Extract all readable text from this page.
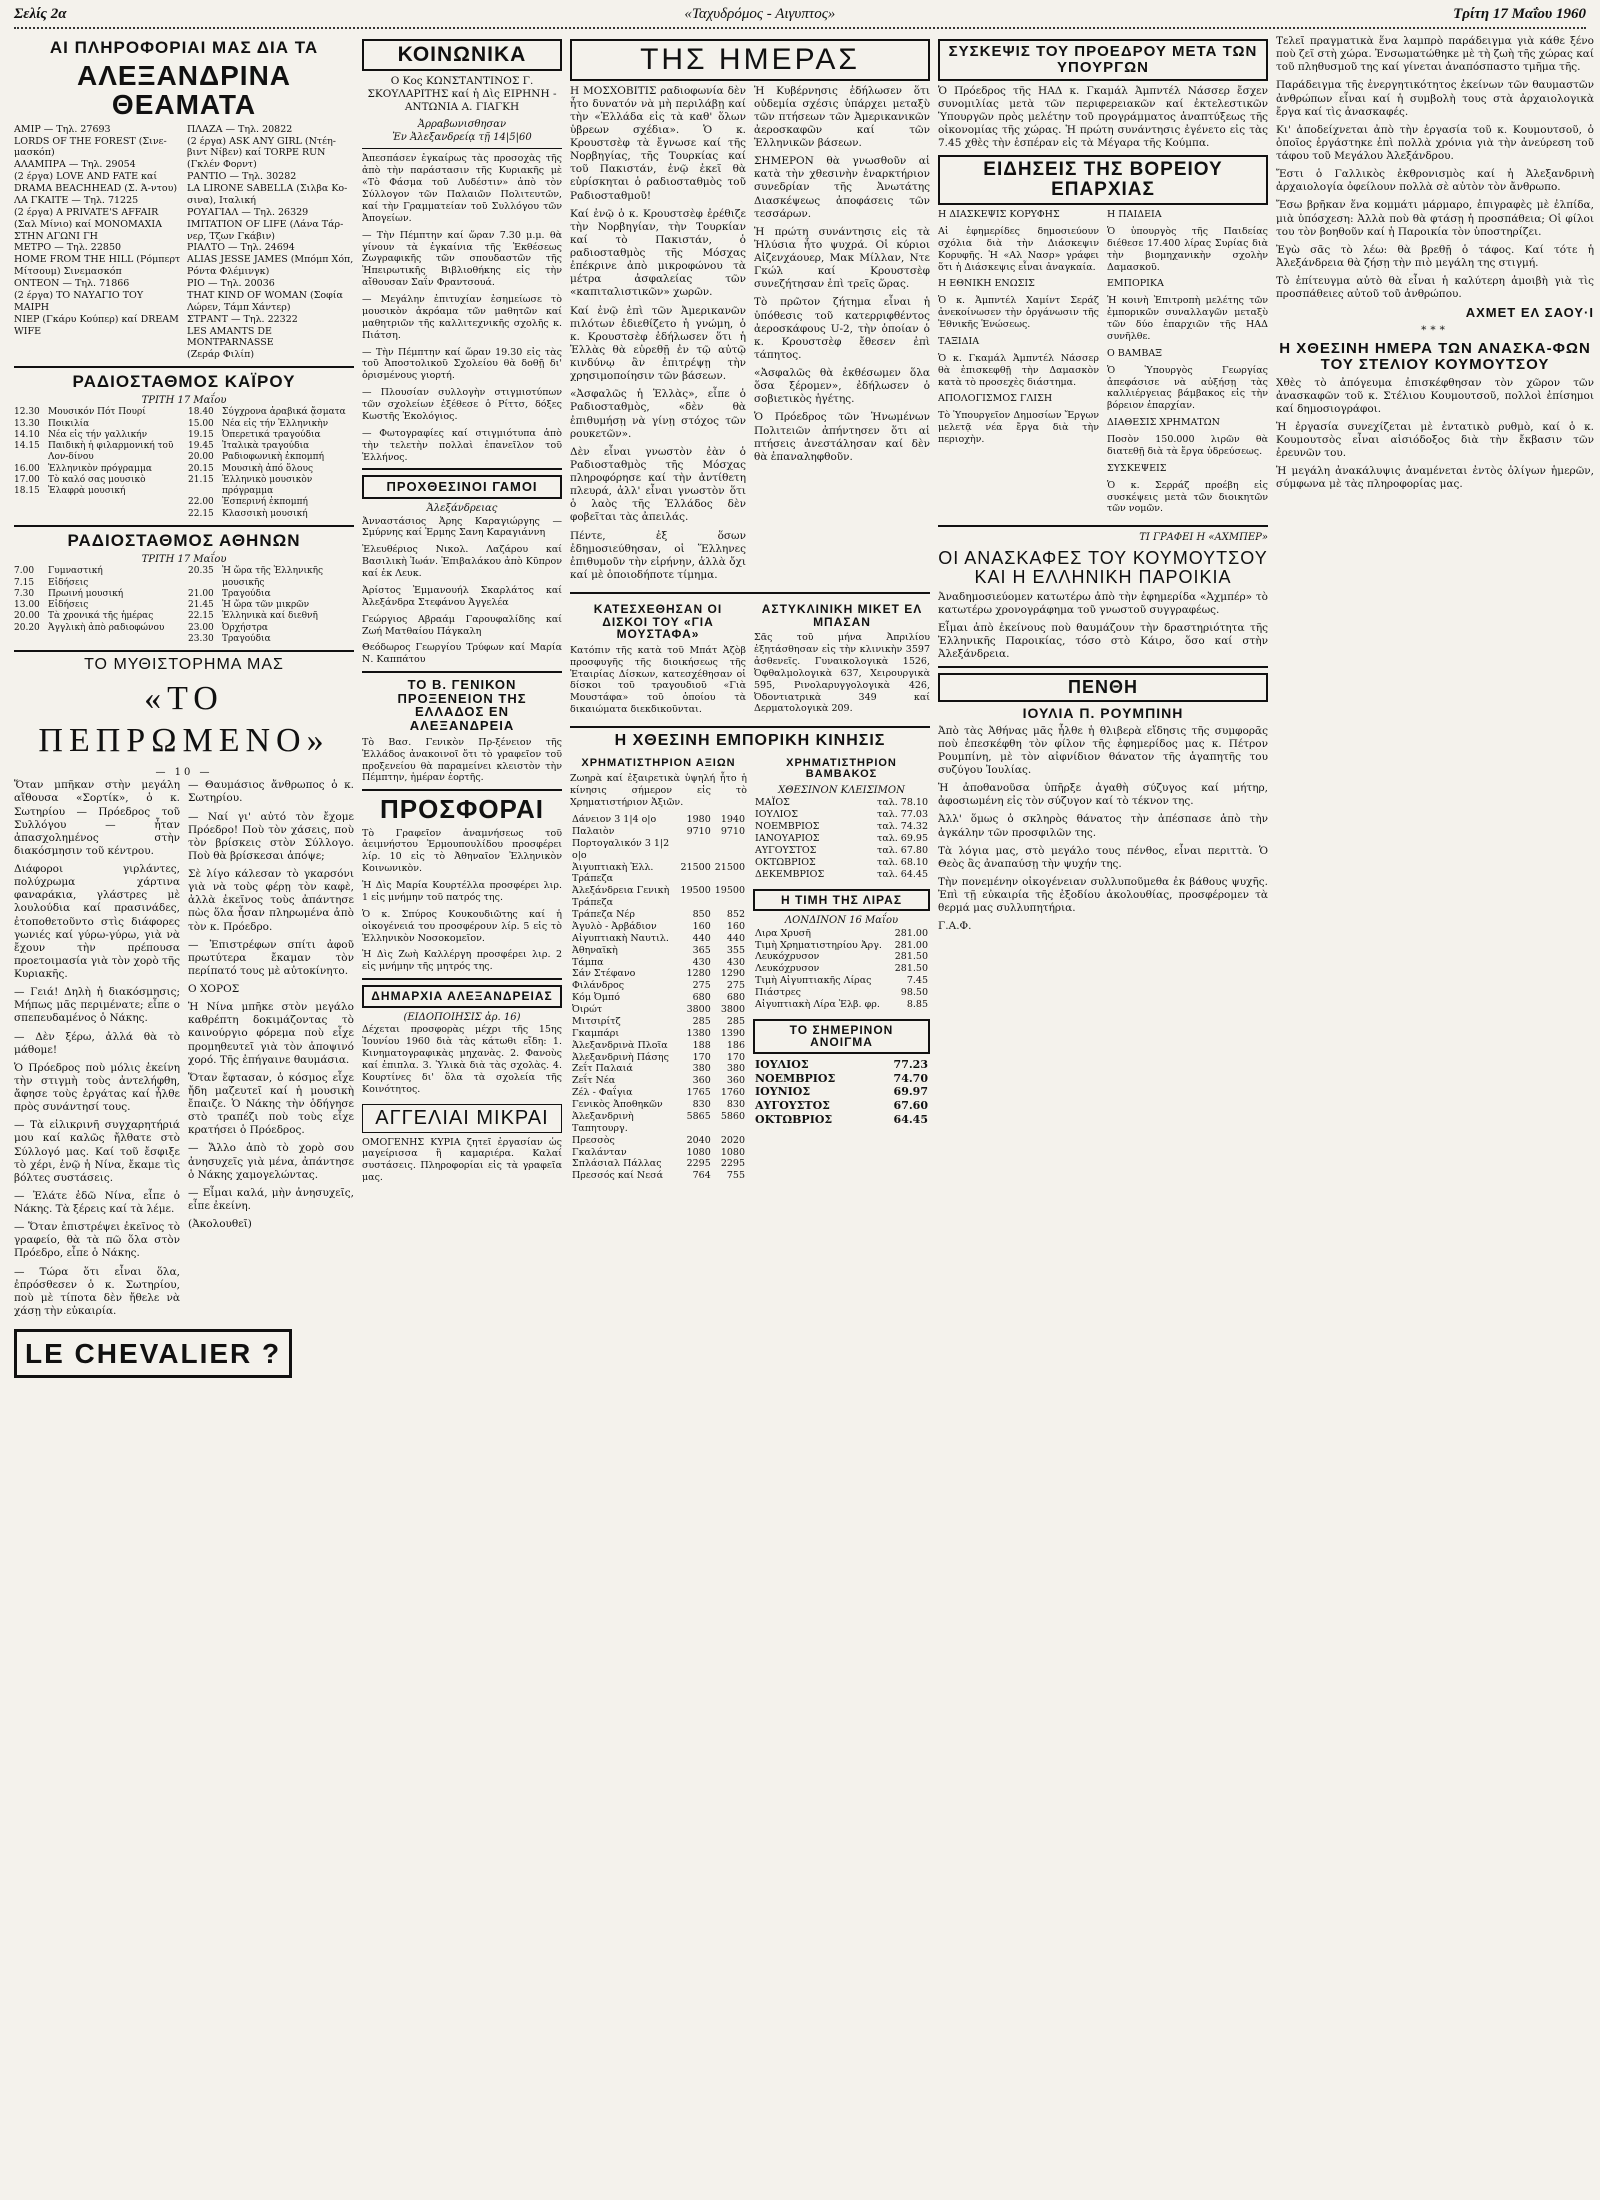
Σελίς 2α	«Ταχυδρόμος - Αιγυπτος»	Τρίτη 17 Μαΐου 1960
ΑΙ ΠΛΗΡΟΦΟΡΙΑΙ ΜΑΣ ΔΙΑ ΤΑ
ΑΛΕΞΑΝΔΡΙΝΑ ΘΕΑΜΑΤΑ
ΑΜΙΡ — Τηλ. 27693
LORDS OF THE FOREST (Σινε-μασκόπ)
ΑΛΑΜΠΡΑ — Τηλ. 29054
(2 έργα) LOVE AND FATE καί
DRAMA BEACHHEAD (Σ. Ά-ντου)
ΛΑ ΓΚΑΙΤΕ — Τηλ. 71225
(2 έργα) A PRIVATE'S AFFAIR
(Σαλ Μίνιο) καί ΜΟΝΟΜΑΧΙΑ
ΣΤΗΝ ΑΓΩΝΙ ΓΗ
ΜΕΤΡΟ — Τηλ. 22850
HOME FROM THE HILL (Ρόμπερτ Μίτσουμ) Σινεμασκόπ
ΟΝΤΕΟΝ — Τηλ. 71866
(2 έργα) ΤΟ ΝΑΥΑΓΙΟ ΤΟΥ ΜΑΙΡΗ
ΝΙΕΡ (Γκάρυ Κούπερ) καί DREAM
WIFE
ΠΛΑΖΑ — Τηλ. 20822
(2 έργα) ASK ANY GIRL (Ντέη-βιντ Νίβεν) καί TORPE RUN
(Γκλέν Φορντ)
ΡΑΝΤΙΟ — Τηλ. 30282
LA LIRONE SABELLA (Σιλβα Κο-σινα), Ιταλική
ΡΟΥΑΓΙΑΛ — Τηλ. 26329
IMITATION OF LIFE (Λάνα Τάρ-νερ, Τζων Γκάβιν)
ΡΙΑΛΤΟ — Τηλ. 24694
ALIAS JESSE JAMES (Μπόμπ Χόπ, Ρόντα Φλέμινγκ)
ΡΙΟ — Τηλ. 20036
THAT KIND OF WOMAN (Σοφία Λώρεν, Τάμπ Χάντερ)
ΣΤΡΑΝΤ — Τηλ. 22322
LES AMANTS DE MONTPARNASSE
(Ζεράρ Φιλίπ)
ΡΑΔΙΟΣΤΑΘΜΟΣ ΚΑΪΡΟΥ
ΤΡΙΤΗ 17 Μαΐου
12.30 Μουσικόν Πότ Πουρί
13.30 Ποικιλία
14.10 Νέα εἰς τήν γαλλικήν
14.15 Παιδικὴ ἡ φιλαρμονική τοῦ Λον-δίνου
16.00 Ἑλληνικὸν πρόγραμμα
17.00 Τὸ καλό σας μουσικὸ
18.15 Ἐλαφρὰ μουσική
18.40 Σύγχρονα ἀραβικά ᾄσματα
15.00 Νέα εἰς τήν Ἑλληνικὴν
19.15 Ὀπερετικά τραγούδια
19.45 Ἰταλικὰ τραγούδια
20.00 Ραδιοφωνικὴ ἐκπομπή
20.15 Μουσικὴ ἀπό ὅλους
21.15 Ἑλληνικὸ μουσικὸν πρόγραμμα
22.00 Ἐσπερινή ἐκπομπή
22.15 Κλασσικὴ μουσική
ΡΑΔΙΟΣΤΑΘΜΟΣ ΑΘΗΝΩΝ
ΤΡΙΤΗ 17 Μαΐου
7.00	Γυμναστική
7.15	Εἰδήσεις
7.30	Πρωινή μουσική
13.00 Εἰδήσεις
20.00 Τὰ χρονικά τῆς ἡμέρας
20.20 Ἀγγλικὴ ἀπὸ ραδιοφώνου
20.35 Ἡ ὥρα τῆς Ἑλληνικῆς μουσικῆς
21.00 Τραγούδια
21.45 Ἡ ὥρα τῶν μικρῶν
22.15 Ἑλληνικὰ καί διεθνῆ
23.00 Ὀρχήστρα
23.30 Τραγούδια
ΤΟ ΜΥΘΙΣΤΟΡΗΜΑ ΜΑΣ
«ΤΟ ΠΕΠΡΩΜΕΝΟ»
— 10 —

Ὅταν μπῆκαν στὴν μεγάλη αἴθουσα «Σορτίκ», ὁ κ. Σωτηρίου — Πρόεδρος τοῦ Συλλόγου — ἦταν ἀπασχολημένος στὴν διακόσμησιν τοῦ κέντρου.

Διάφοροι γιρλάντες, πολύχρωμα χάρτινα φαναράκια, γλάστρες μὲ λουλούδια καί πρασινάδες, ἐτοποθετοῦντο στὶς διάφορες γωνιές καί γύρω-γύρω, γιὰ νὰ ἔχουν τὴν πρέπουσα προετοιμασία γιὰ τὸν χορὸ τῆς Κυριακῆς.

— Γειά! Δηλὴ ἡ διακόσμησις; Μήπως μᾶς περιμένατε; εἶπε ο σπεπευδαμένος ὁ Νάκης.

— Δὲν ξέρω, ἀλλά θὰ τὸ μάθομε!

Ὁ Πρόεδρος ποὺ μόλις ἐκείνη τὴν στιγμὴ τοὺς ἀντελήφθη, ἄφησε τοὺς ἐργάτας καί ἦλθε πρὸς συνάντησί τους.

— Τὰ εἰλικρινῆ συγχαρητήριά μου καί καλῶς ἤλθατε στὸ Σύλλογό μας. Καί τοῦ ἔσφιξε τὸ χέρι, ἐνῷ ἡ Νίνα, ἔκαμε τὶς βόλτες συστάσεις.

— Ἐλάτε ἐδῶ Νίνα, εἶπε ὁ Νάκης. Τὰ ξέρεις καί τὰ λέμε.

— Ὅταν ἐπιστρέψει ἐκεῖνος τὸ γραφείο, θὰ τὰ πῶ ὅλα στὸν Πρόεδρο, εἶπε ὁ Νάκης.

— Τώρα ὅτι εἶναι ὅλα, ἐπρόσθεσεν ὁ κ. Σωτηρίου, ποὺ μὲ τίποτα δὲν ἤθελε νὰ χάσῃ τὴν εὐκαιρία.

— Θαυμάσιος ἄνθρωπος ὁ κ. Σωτηρίου.

— Ναί γι' αὐτό τὸν ἔχομε Πρόεδρο! Ποὺ τὸν χάσεις, ποὺ τὸν βρίσκεις στὸν Σύλλογο. Ποὺ θὰ βρίσκεσαι ἀπόψε;

Σὲ λίγο κάλεσαν τὸ γκαρσόνι γιὰ νὰ τοὺς φέρῃ τὸν καφὲ, ἀλλὰ ἐκεῖνος τοὺς ἀπάντησε πὼς ὅλα ἦσαν πληρωμένα ἀπὸ τὸν κ. Πρόεδρο.

— Ἐπιστρέφων σπίτι ἀφοῦ πρωτύτερα ἔκαμαν τὸν περίπατό τους μὲ αὐτοκίνητο.

Ο ΧΟΡΟΣ

Ἡ Νίνα μπῆκε στὸν μεγάλο καθρέπτη δοκιμάζοντας τὸ καινούργιο φόρεμα ποὺ εἶχε προμηθευτεῖ γιὰ τὸν ἀποψινό χορό. Τῆς ἐπήγαινε θαυμάσια.

Ὅταν ἔφτασαν, ὁ κόσμος εἶχε ἤδη μαζευτεῖ καί ἡ μουσικὴ ἔπαιζε. Ὁ Νάκης τὴν ὁδήγησε στὸ τραπέζι ποὺ τοὺς εἶχε κρατήσει ὁ Πρόεδρος.

— Ἄλλο ἀπὸ τὸ χορὸ σου ἀνησυχεῖς γιὰ μένα, ἀπάντησε ὁ Νάκης χαμογελώντας.

— Εἶμαι καλά, μὴν ἀνησυχεῖς, εἶπε ἐκείνη.

(Ἀκολουθεῖ)

LE CHEVALIER ?
ΚΟΙΝΩΝΙΚΑ

Ο Κος ΚΩΝΣΤΑΝΤΙΝΟΣ Γ. ΣΚΟΥΛΑΡΙΤΗΣ καί ἡ Δὶς ΕΙΡΗΝΗ - ΑΝΤΩΝΙΑ Α. ΓΙΑΓΚΗ

Ἀρραβωνισθησαν
Ἐν Ἀλεξανδρείᾳ τῇ 14|5|60

Ἀπεσπάσεν ἐγκαίρως τὰς προσοχὰς τῆς ἀπὸ τὴν παράστασιν τῆς Κυριακῆς μὲ «Τὸ Φάσμα τοῦ Λυδέστιν» ἀπὸ τὸν Σύλλογον τῶν Παλαιῶν Πολιτευτῶν, καί τὴν Γραμματείαν τοῦ Συλλόγου τῶν Ἀπογείων.

— Τὴν Πέμπτην καί ὥραν 7.30 μ.μ. θὰ γίνουν τὰ ἐγκαίνια τῆς Ἐκθέσεως Ζωγραφικῆς τῶν σπουδαστῶν τῆς Ἠπειρωτικῆς Βιβλιοθήκης εἰς τὴν αἴθουσαν Σαΐν Φραντσουά.

— Μεγάλην ἐπιτυχίαν ἐσημείωσε τὸ μουσικὸν ἀκρόαμα τῶν μαθητῶν καί μαθητριῶν τῆς καλλιτεχνικῆς σχολῆς κ. Πιάτση.

— Τὴν Πέμπτην καί ὥραν 19.30 εἰς τὰς τοῦ Ἀποστολικοῦ Σχολείου θὰ δοθῇ δι' ὀρισμένους γιορτή.

— Πλουσίαν συλλογὴν στιγμιοτύπων τῶν σχολείων ἐξέθεσε ὁ Ρίττσ, δόξες Κωστῆς Ἑκολόγιος.

— Φωτογραφίες καί στιγμιότυπα ἀπὸ τὴν τελετὴν πολλαὶ ἐπανεῖλον τοῦ Ἑλλήνος.

ΠΡΟΧΘΕΣΙΝΟΙ ΓΑΜΟΙ
Ἀλεξάνδρειας

Ἀνναστάσιος Ἀρης Καραγιώργης — Σμύρνης καί Ἑρμης Σανη Καραγιάννη

Ἐλευθέριος Νικολ. Λαζάρου καί Βασιλικὴ Ἰωάν. Ἐπιβαλάκου ἀπὸ Κῦπρον καί ἐκ Λευκ.

Ἀρίστος Ἐμμανουήλ Σκαρλάτος καί Ἀλεξάνδρα Στεφάνου Ἀγγελέα

Γεώργιος Αβραάμ Γαρουφαλίδης καί Ζωή Ματθαίου Πάγκαλη

Θεόδωρος Γεωργίου Τρύφων καί Μαρία Ν. Καππάτου

ΤΟ Β. ΓΕΝΙΚΟΝ ΠΡΟΞΕΝΕΙΟΝ ΤΗΣ ΕΛΛΑΔΟΣ ΕΝ ΑΛΕΞΑΝΔΡΕΙΑ

Τὸ Βασ. Γενικὸν Πρ-ξένειον τῆς Ἑλλάδος ἀνακοινοῖ ὅτι τὸ γραφεῖον τοῦ προξενείου θὰ παραμείνει κλειστὸν τὴν Πέμπτην, ἡμέραν ἐορτῆς.

ΠΡΟΣΦΟΡΑΙ

Τὸ Γραφεῖον ἀναμνήσεως τοῦ ἀειμνήστου Ἐρμουπουλίδου προσφέρει λίρ. 10 εἰς τὸ Ἀθηναῖον Ἐλληνικὸν Κοινωνικὸν.

Ἡ Δὶς Μαρία Κουρτέλλα προσφέρει λιρ. 1 εἰς μνήμην τοῦ πατρός της.

Ὁ κ. Σπύρος Κουκουδιῶτης καί ἡ οἰκογένειά του προσφέρουν λίρ. 5 εἰς τὸ Ἑλληνικὸν Νοσοκομεῖον.

Ἡ Δὶς Ζωὴ Καλλέργη προσφέρει λιρ. 2 εἰς μνήμην τῆς μητρός της.

ΔΗΜΑΡΧΙΑ ΑΛΕΞΑΝΔΡΕΙΑΣ
(ΕΙΔΟΠΟΙΗΣΙΣ ἀρ. 16)

Δέχεται προσφορὰς μέχρι τῆς 15ης Ἰουνίου 1960 διὰ τὰς κάτωθι εἴδη: 1. Κινηματογραφικὰς μηχανὰς. 2. Φανοὺς καί ἐπιπλα. 3. Ὑλικὰ διὰ τὰς σχολὰς. 4. Κουρτίνες δι' ὅλα τὰ σχολεία τῆς Κοινότητος.

ΑΓΓΕΛΙΑΙ ΜΙΚΡΑΙ

ΟΜΟΓΕΝΗΣ ΚΥΡΙΑ ζητεῖ ἐργασίαν ὡς μαγείρισσα ἢ καμαριέρα. Καλαί συστάσεις. Πληροφορίαι εἰς τὰ γραφεῖα μας.

ΤΗΣ ΗΜΕΡΑΣ

Η ΜΟΣΧΟΒΙΤΙΣ ραδιοφωνία δὲν ἦτο δυνατόν νὰ μὴ περιλάβῃ καί τὴν «Ἑλλάδα εἰς τὰ καθ' ὅλων ὑβρεων σχέδια». Ὁ κ. Κρουστσὲφ τὰ ἔγνωσε καί τῆς Νορβηγίας, τῆς Τουρκίας καί τοῦ Πακιστάν, ἐνῷ ἐκεῖ θὰ εὑρίσκηται ὁ ραδιοσταθμὸς τοῦ Ραδιοσταθμοῦ!

Καί ἐνῷ ὁ κ. Κρουστσὲφ ἐρέθιζε τὴν Νορβηγίαν, τὴν Τουρκίαν καί τὸ Πακιστάν, ὁ ραδιοσταθμὸς τῆς Μόσχας ἐπέκρινε ἀπὸ μικροφώνου τὰ μέτρα ἀσφαλείας τῶν «καπιταλιστικῶν» χωρῶν.

Καί ἐνῷ ἐπὶ τῶν Ἀμερικανῶν πιλότων ἐδιεθίζετο ἡ γνώμη, ὁ κ. Κρουστσὲφ ἐδήλωσεν ὅτι ἡ Ἑλλὰς θὰ εὑρεθῇ ἐν τῷ αὐτῷ κινδύνῳ ἂν ἐπιτρέψῃ τὴν χρησιμοποίησιν τῶν βάσεων.

«Ἀσφαλῶς ἡ Ἑλλὰς», εἶπε ὁ Ραδιοσταθμὸς, «δὲν θὰ ἐπιθυμήσῃ νὰ γίνῃ στόχος τῶν ρουκετῶν».

Δὲν εἶναι γνωστὸν ἐὰν ὁ Ραδιοσταθμὸς τῆς Μόσχας πληροφόρησε καί τὴν ἀντίθετη πλευρά, ἀλλ' εἶναι γνωστὸν ὅτι ὁ λαὸς τῆς Ἑλλάδος δὲν φοβεῖται τὰς ἀπειλάς.

Πέντε, ἐξ ὅσων ἐδημοσιεύθησαν, οἱ Ἕλληνες ἐπιθυμοῦν τὴν εἰρήνην, ἀλλὰ ὄχι καί μὲ ὁποιοδήποτε τίμημα.

Ἡ Κυβέρνησις ἐδήλωσεν ὅτι οὐδεμία σχέσις ὑπάρχει μεταξὺ τῶν πτήσεων τῶν Ἀμερικανικῶν ἀεροσκαφῶν καί τῶν Ἑλληνικῶν βάσεων.

ΣΗΜΕΡΟΝ θὰ γνωσθοῦν αἱ κατὰ τὴν χθεσινὴν ἐναρκτήριον συνεδρίαν τῆς Ἀνωτάτης Διασκέψεως ἀποφάσεις τῶν τεσσάρων.

Ἡ πρώτη συνάντησις εἰς τὰ Ἠλύσια ἦτο ψυχρά. Οἱ κύριοι Αἰζενχάουερ, Μακ Μίλλαν, Ντε Γκώλ καί Κρουστσὲφ συνεζήτησαν ἐπὶ τρεῖς ὥρας.

Τὸ πρῶτον ζήτημα εἶναι ἡ ὑπόθεσις τοῦ κατερριφθέντος ἀεροσκάφους U-2, τὴν ὁποίαν ὁ κ. Κρουστσὲφ ἔθεσεν ἐπὶ τάπητος.

«Ἀσφαλῶς θὰ ἐκθέσωμεν ὅλα ὅσα ξέρομεν», ἐδήλωσεν ὁ σοβιετικὸς ἡγέτης.

Ὁ Πρόεδρος τῶν Ἡνωμένων Πολιτειῶν ἀπήντησεν ὅτι αἱ πτήσεις ἀνεστάλησαν καί δὲν θὰ ἐπαναληφθοῦν.

ΚΑΤΕΣΧΕΘΗΣΑΝ ΟΙ ΔΙΣΚΟΙ ΤΟΥ «ΓΙΑ ΜΟΥΣΤΑΦΑ»

Κατόπιν τῆς κατὰ τοῦ Μπάτ Ἀζὸβ προσφυγῆς τῆς διοικήσεως τῆς Ἑταιρίας Δίσκων, κατεσχέθησαν οἱ δίσκοι τοῦ τραγουδιοῦ «Γιὰ Μουστάφα» τοῦ ὁποίου τὰ δικαιώματα διεκδικοῦνται.

ΑΣΤΥΚΛΙΝΙΚΗ ΜΙΚΕΤ ΕΛ ΜΠΑΣΑΝ

Σᾶς τοῦ μήνα Ἀπριλίου ἐξητάσθησαν εἰς τὴν κλινικὴν 3597 ἀσθενεῖς. Γυναικολογικὰ 1526, Ὀφθαλμολογικὰ 637, Χειρουργικὰ 595, Ρινολαρυγγολογικὰ 426, Ὀδοντιατρικὰ 349 καί Δερματολογικὰ 209.

Η ΧΘΕΣΙΝΗ ΕΜΠΟΡΙΚΗ ΚΙΝΗΣΙΣ
ΧΡΗΜΑΤΙΣΤΗΡΙΟΝ ΑΞΙΩΝ

Ζωηρὰ καί ἐξαιρετικὰ ὑψηλή ἦτο ἡ κίνησις σήμερον εἰς τὸ Χρηματιστήριον Ἀξιῶν.

Δάνειον 3 1|4 o|o	1980	1940
Παλαιὸν Πορτογαλικόν 3 1|2 o|o	9710	9710
Ἀιγυπτιακὴ Ἑλλ. Τράπεζα	21500	21500
Ἀλεξάνδρεια Γενικὴ Τράπεζα	19500	19500
Τράπεζα Νέρ	850	852
Ἀγυλὸ - Ἀρβάδιον	160	160
Αἰγυπτιακὴ Ναυτιλ.	440	440
Ἀθηναϊκὴ	365	355
Τάμπα	430	430
Σάν Στέφανο	1280	1290
Φιλάνδρος	275	275
Κόμ Ὀμπό	680	680
Ὀιρώτ	3800	3800
Μιτσιρίτζ	285	285
Γκαμπάρι	1380	1390
Ἀλεξανδρινὰ Πλοῖα	188	186
Ἀλεξανδρινὴ Πάσης	170	170
Ζεΐτ Παλαιά	380	380
Ζεΐτ Νέα	360	360
Ζέλ - Φαΐγια	1765	1760
Γενικὸς Ἀποθηκῶν	830	830
Ἀλεξανδρινὴ Ταπητουργ.	5865	5860
Πρεσσὸς	2040	2020
Γκαλάνταν	1080	1080
Σπλάσιαλ Πάλλας	2295	2295
Πρεσσός καί Νεσά	764	755
ΧΡΗΜΑΤΙΣΤΗΡΙΟΝ ΒΑΜΒΑΚΟΣ
ΧΘΕΣΙΝΟΝ ΚΛΕΙΣΙΜΟΝ
ΜΑΪΟΣ	ταλ. 78.10
ΙΟΥΛΙΟΣ	ταλ. 77.03
ΝΟΕΜΒΡΙΟΣ	ταλ. 74.32
ΙΑΝΟΥΑΡΙΟΣ	ταλ. 69.95
ΑΥΓΟΥΣΤΟΣ	ταλ. 67.80
ΟΚΤΩΒΡΙΟΣ	ταλ. 68.10
ΔΕΚΕΜΒΡΙΟΣ	ταλ. 64.45
Η ΤΙΜΗ ΤΗΣ ΛΙΡΑΣ
ΛΟΝΔΙΝΟΝ 16 Μαΐου
Λιρα Χρυσῆ	281.00
Τιμὴ Χρηματιστηρίου Ἀργ.	281.00
Λευκόχρυσον	281.50
Λευκόχρυσον	281.50
Τιμὴ Αἰγυπτιακῆς Λίρας	7.45
Πιάστρες	98.50
Αἰγυπτιακὴ Λίρα Ἐλβ. φρ.	8.85
ΤΟ ΣΗΜΕΡΙΝΟΝ ΑΝΟΙΓΜΑ
ΙΟΥΛΙΟΣ	77.23
ΝΟΕΜΒΡΙΟΣ	74.70
ΙΟΥΝΙΟΣ	69.97
ΑΥΓΟΥΣΤΟΣ	67.60
ΟΚΤΩΒΡΙΟΣ	64.45
ΣΥΣΚΕΨΙΣ ΤΟΥ ΠΡΟΕΔΡΟΥ ΜΕΤΑ ΤΩΝ ΥΠΟΥΡΓΩΝ

Ὁ Πρόεδρος τῆς ΗΑΔ κ. Γκαμάλ Ἀμπντέλ Νάσσερ ἔσχεν συνομιλίας μετὰ τῶν περιφερειακῶν καί ἐκτελεστικῶν Ὑπουργῶν πρὸς μελέτην τοῦ προγράμματος ἀναπτύξεως τῆς οἰκονομίας τῆς χώρας. Ἡ πρώτη συνάντησις ἐγένετο εἰς τὰς 7.45 χθὲς τὴν ἑσπέραν εἰς τὰ Μέγαρα τῆς Κούμπα.

ΕΙΔΗΣΕΙΣ ΤΗΣ ΒΟΡΕΙΟΥ ΕΠΑΡΧΙΑΣ

Η ΔΙΑΣΚΕΨΙΣ ΚΟΡΥΦΗΣ

Αἱ ἐφημερίδες δημοσιεύουν σχόλια διὰ τὴν Διάσκεψιν Κορυφῆς. Ἡ «Αλ Νασρ» γράφει ὅτι ἡ Διάσκεψις εἶναι ἀναγκαία.

Η ΕΘΝΙΚΗ ΕΝΩΣΙΣ

Ὁ κ. Ἀμπντέλ Χαμίντ Σεράζ ἀνεκοίνωσεν τὴν ὀργάνωσιν τῆς Ἐθνικῆς Ἑνώσεως.

ΤΑΞΙΔΙΑ

Ὁ κ. Γκαμάλ Ἀμπντέλ Νάσσερ θὰ ἐπισκεφθῇ τὴν Δαμασκὸν κατὰ τὸ προσεχὲς διάστημα.

ΑΠΟΛΟΓΙΣΜΟΣ ΓΛΙΣΗ

Τὸ Ὑπουργεῖον Δημοσίων Ἔργων μελετᾷ νέα ἔργα διὰ τὴν περιοχὴν.

Η ΠΑΙΔΕΙΑ

Ὁ ὑπουργὸς τῆς Παιδείας διέθεσε 17.400 λίρας Συρίας διὰ τὴν βιομηχανικὴν σχολὴν Δαμασκοῦ.

ΕΜΠΟΡΙΚΑ

Ἡ κοινὴ Ἐπιτροπὴ μελέτης τῶν ἐμπορικῶν συναλλαγῶν μεταξὺ τῶν δύο ἐπαρχιῶν τῆς ΗΑΔ συνῆλθε.

Ο ΒΑΜΒΑΞ

Ὁ Ὑπουργὸς Γεωργίας ἀπεφάσισε νὰ αὐξήσῃ τὰς καλλιέργειας βάμβακος εἰς τὴν βόρειον ἐπαρχίαν.

ΔΙΑΘΕΣΙΣ ΧΡΗΜΑΤΩΝ

Ποσὸν 150.000 λιρῶν θὰ διατεθῇ διὰ τὰ ἔργα ὑδρεύσεως.

ΣΥΣΚΕΨΕΙΣ

Ὁ κ. Σερράζ προέβη εἰς συσκέψεις μετὰ τῶν διοικητῶν τῶν νομῶν.

ΤΙ ΓΡΑΦΕΙ Η «ΑΧΜΠΕΡ»
ΟΙ ΑΝΑΣΚΑΦΕΣ ΤΟΥ ΚΟΥΜΟΥΤΣΟΥ ΚΑΙ Η ΕΛΛΗΝΙΚΗ ΠΑΡΟΙΚΙΑ

Ἀναδημοσιεύομεν κατωτέρω ἀπὸ τὴν ἐφημερίδα «Ἀχμπέρ» τὸ κατωτέρω χρονογράφημα τοῦ γνωστοῦ συγγραφέως.

Εἶμαι ἀπὸ ἐκείνους ποὺ θαυμάζουν τὴν δραστηριότητα τῆς Ἑλληνικῆς Παροικίας, τόσο στὸ Κάιρο, ὅσο καί στὴν Ἀλεξάνδρεια.

ΠΕΝΘΗ
ΙΟΥΛΙΑ Π. ΡΟΥΜΠΙΝΗ

Ἀπὸ τὰς Ἀθήνας μᾶς ἦλθε ἡ θλιβερὰ εἴδησις τῆς συμφορᾶς ποὺ ἐπεσκέφθη τὸν φίλον τῆς ἐφημερίδος μας κ. Πέτρον Ρουμπίνη, μὲ τὸν αἰφνίδιον θάνατον τῆς ἀγαπητῆς του συζύγου Ἰουλίας.

Ἡ ἀποθανοῦσα ὑπῆρξε ἀγαθὴ σύζυγος καί μήτηρ, ἀφοσιωμένη εἰς τὸν σύζυγον καί τὸ τέκνον της.

Ἀλλ' ὅμως ὁ σκληρὸς θάνατος τὴν ἀπέσπασε ἀπὸ τὴν ἀγκάλην τῶν προσφιλῶν της.

Τὰ λόγια μας, στὸ μεγάλο τους πένθος, εἶναι περιττὰ. Ὁ Θεὸς ἂς ἀναπαύσῃ τὴν ψυχήν της.

Τὴν πονεμένην οἰκογένειαν συλλυποῦμεθα ἐκ βάθους ψυχῆς. Ἐπὶ τῇ εὐκαιρία τῆς ἐξοδίου ἀκολουθίας, προσφέρομεν τὰ θερμά μας συλλυπητήρια.

Γ.Α.Φ.

Τελεῖ πραγματικὰ ἕνα λαμπρὸ παράδειγμα γιὰ κάθε ξένο ποὺ ζεῖ στὴ χώρα. Ἐνσωματώθηκε μὲ τὴ ζωὴ τῆς χώρας καί τοῦ πληθυσμοῦ της καί γίνεται ἀναπόσπαστο τμῆμα τῆς.

Παράδειγμα τῆς ἐνεργητικότητος ἐκείνων τῶν θαυμαστῶν ἀνθρώπων εἶναι καί ἡ συμβολὴ τους στὰ ἀρχαιολογικὰ ἔργα καί τὶς ἀνασκαφές.

Κι' ἀποδείχνεται ἀπὸ τὴν ἐργασία τοῦ κ. Κουμουτσοῦ, ὁ ὁποῖος ἐργάστηκε ἐπὶ πολλὰ χρόνια γιὰ τὴν ἀνεύρεση τοῦ τάφου τοῦ Μεγάλου Ἀλεξάνδρου.

Ἔστι ὁ Γαλλικὸς ἐκθρονισμὸς καί ἡ Ἀλεξανδρινὴ ἀρχαιολογία ὀφείλουν πολλὰ σὲ αὐτὸν τὸν ἄνθρωπο.

Ἔσω βρῆκαν ἕνα κομμάτι μάρμαρο, ἐπιγραφὲς μὲ ἐλπίδα, μιὰ ὑπόσχεση: Ἀλλὰ ποὺ θὰ φτάσῃ ἡ προσπάθεια; Οἱ φίλοι του τὸν βοηθοῦν καί ἡ Παροικία τὸν ὑποστηρίζει.

Ἐγὼ σᾶς τὸ λέω: θὰ βρεθῇ ὁ τάφος. Καί τότε ἡ Ἀλεξάνδρεια θὰ ζήσῃ τὴν πιὸ μεγάλη της στιγμή.

Τὸ ἐπίτευγμα αὐτὸ θὰ εἶναι ἡ καλύτερη ἀμοιβὴ γιὰ τὶς προσπάθειες αὐτοῦ τοῦ ἀνθρώπου.

ΑΧΜΕΤ ΕΛ ΣΑΟΥ·Ι
***
Η ΧΘΕΣΙΝΗ ΗΜΕΡΑ ΤΩΝ ΑΝΑΣΚΑ-ΦΩΝ ΤΟΥ ΣΤΕΛΙΟΥ ΚΟΥΜΟΥΤΣΟΥ

Χθὲς τὸ ἀπόγευμα ἐπισκέφθησαν τὸν χῶρον τῶν ἀνασκαφῶν τοῦ κ. Στέλιου Κουμουτσοῦ, πολλοὶ ἐπίσημοι καί δημοσιογράφοι.

Ἡ ἐργασία συνεχίζεται μὲ ἐντατικὸ ρυθμὸ, καί ὁ κ. Κουμουτσὸς εἶναι αἰσιόδοξος διὰ τὴν ἔκβασιν τῶν ἐρευνῶν του.

Ἡ μεγάλη ἀνακάλυψις ἀναμένεται ἐντὸς ὀλίγων ἡμερῶν, σύμφωνα μὲ τὰς πληροφορίας μας.
